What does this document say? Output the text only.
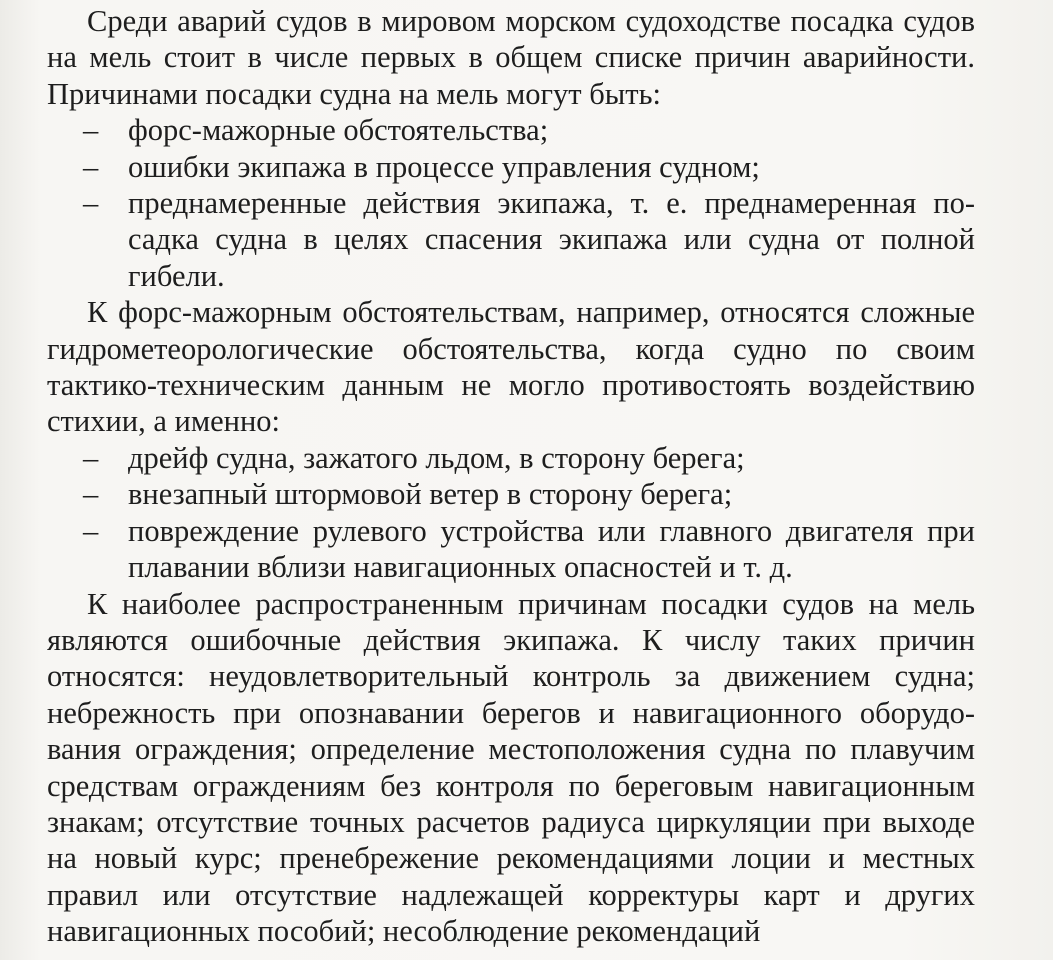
Среди аварий судов в мировом морском судоходстве посадка судов на мель стоит в числе первых в общем списке причин аварийности. Причинами посадки судна на мель могут быть:

– форс-мажорные обстоятельства;
– ошибки экипажа в процессе управления судном;
– преднамеренные действия экипажа, т. е. преднамеренная посадка судна в целях спасения экипажа или судна от полной гибели.

К форс-мажорным обстоятельствам, например, относятся сложные гидрометеорологические обстоятельства, когда судно по своим тактико-техническим данным не могло противостоять воздействию стихии, а именно:

– дрейф судна, зажатого льдом, в сторону берега;
– внезапный штормовой ветер в сторону берега;
– повреждение рулевого устройства или главного двигателя при плавании вблизи навигационных опасностей и т. д.

К наиболее распространенным причинам посадки судов на мель являются ошибочные действия экипажа. К числу таких причин относятся: неудовлетворительный контроль за движением судна; небрежность при опознавании берегов и навигационного оборудования ограждения; определение местоположения судна по плавучим средствам ограждениям без контроля по береговым навигационным знакам; отсутствие точных расчетов радиуса циркуляции при выходе на новый курс; пренебрежение рекомендациями лоции и местных правил или отсутствие надлежащей корректуры карт и других навигационных пособий; несоблюдение рекомендаций
